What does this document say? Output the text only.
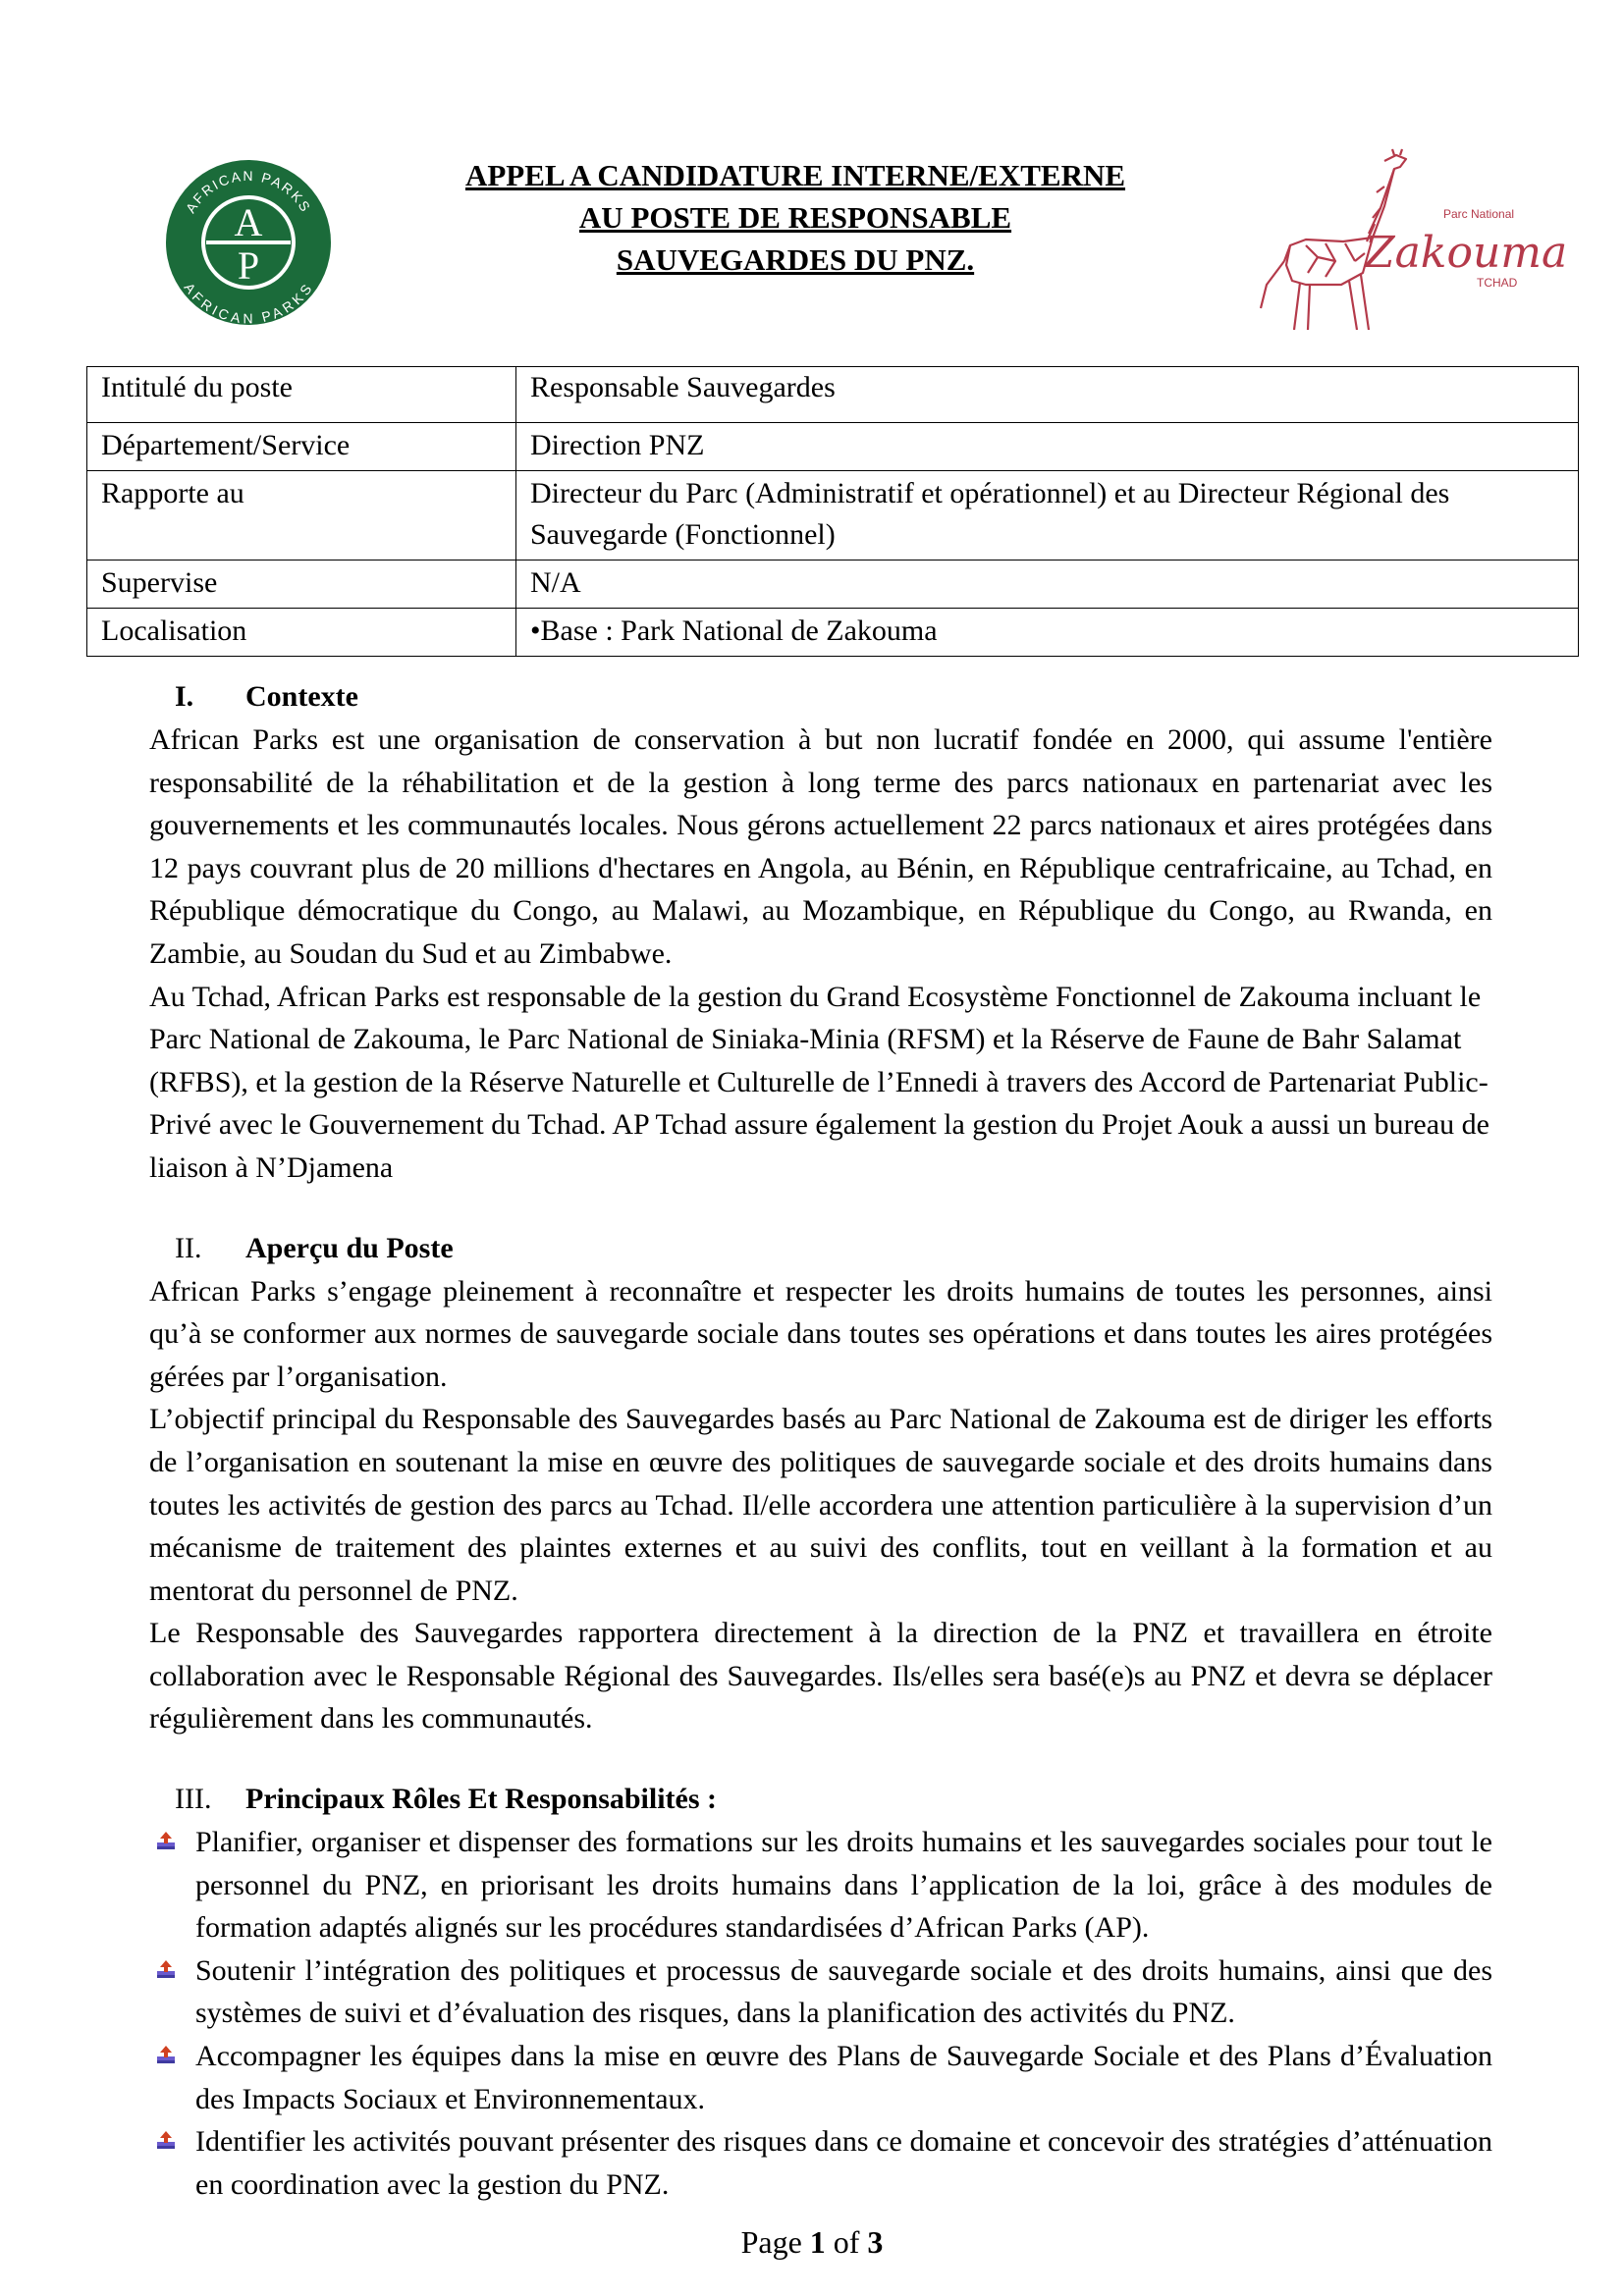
A
P
AFRICAN PARKS
AFRICAN PARKS
APPEL A CANDIDATURE INTERNE/EXTERNE
AU POSTE DE RESPONSABLE
SAUVEGARDES DU PNZ.
Parc National
Zakouma
TCHAD
Intitulé du poste	Responsable Sauvegardes
Département/Service	Direction PNZ
Rapporte au	Directeur du Parc (Administratif et opérationnel) et au Directeur Régional des Sauvegarde (Fonctionnel)
Supervise	N/A
Localisation	•Base : Park National de Zakouma
I.	Contexte

African Parks est une organisation de conservation à but non lucratif fondée en 2000, qui assume l'entière responsabilité de la réhabilitation et de la gestion à long terme des parcs nationaux en partenariat avec les gouvernements et les communautés locales. Nous gérons actuellement 22 parcs nationaux et aires protégées dans 12 pays couvrant plus de 20 millions d'hectares en Angola, au Bénin, en République centrafricaine, au Tchad, en République démocratique du Congo, au Malawi, au Mozambique, en République du Congo, au Rwanda, en Zambie, au Soudan du Sud et au Zimbabwe.

Au Tchad, African Parks est responsable de la gestion du Grand Ecosystème Fonctionnel de Zakouma incluant le Parc National de Zakouma, le Parc National de Siniaka-Minia (RFSM) et la Réserve de Faune de Bahr Salamat (RFBS), et la gestion de la Réserve Naturelle et Culturelle de l’Ennedi à travers des Accord de Partenariat Public-Privé avec le Gouvernement du Tchad. AP Tchad assure également la gestion du Projet Aouk a aussi un bureau de liaison à N’Djamena

II.	Aperçu du Poste

African Parks s’engage pleinement à reconnaître et respecter les droits humains de toutes les personnes, ainsi qu’à se conformer aux normes de sauvegarde sociale dans toutes ses opérations et dans toutes les aires protégées gérées par l’organisation.

L’objectif principal du Responsable des Sauvegardes basés au Parc National de Zakouma est de diriger les efforts de l’organisation en soutenant la mise en œuvre des politiques de sauvegarde sociale et des droits humains dans toutes les activités de gestion des parcs au Tchad. Il/elle accordera une attention particulière à la supervision d’un mécanisme de traitement des plaintes externes et au suivi des conflits, tout en veillant à la formation et au mentorat du personnel de PNZ.

Le Responsable des Sauvegardes rapportera directement à la direction de la PNZ et travaillera en étroite collaboration avec le Responsable Régional des Sauvegardes. Ils/elles sera basé(e)s au PNZ et devra se déplacer régulièrement dans les communautés.

III.	Principaux Rôles Et Responsabilités :
Planifier, organiser et dispenser des formations sur les droits humains et les sauvegardes sociales pour tout le personnel du PNZ, en priorisant les droits humains dans l’application de la loi, grâce à des modules de formation adaptés alignés sur les procédures standardisées d’African Parks (AP).
Soutenir l’intégration des politiques et processus de sauvegarde sociale et des droits humains, ainsi que des systèmes de suivi et d’évaluation des risques, dans la planification des activités du PNZ.
Accompagner les équipes dans la mise en œuvre des Plans de Sauvegarde Sociale et des Plans d’Évaluation des Impacts Sociaux et Environnementaux.
Identifier les activités pouvant présenter des risques dans ce domaine et concevoir des stratégies d’atténuation en coordination avec la gestion du PNZ.
Page 1 of 3
